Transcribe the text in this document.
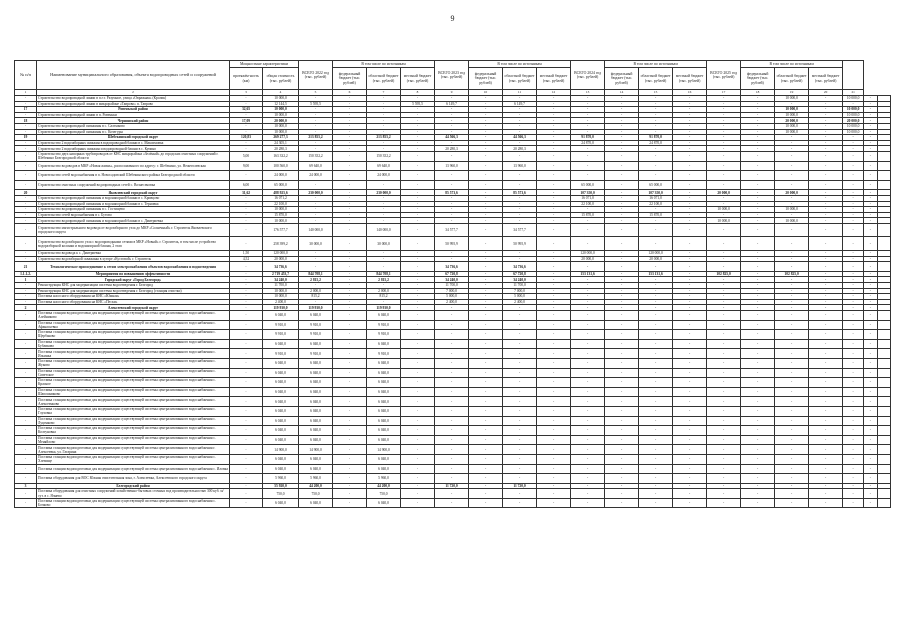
9
№ п/п	Наименование муниципального образования, объекта водопроводных сетей и сооружений	Мощностные характеристики		ВСЕГО 2022 год (тыс. рублей)	В том числе по источникам			ВСЕГО 2023 год (тыс. рублей)	В том числе по источникам			ВСЕГО 2024 год (тыс. рублей)	В том числе по источникам			ВСЕГО 2025 год (тыс. рублей)	В том числе по источникам					
		протяжён-ность (км)	общая стоимость (тыс. рублей)		федеральный бюджет (тыс. рублей)	областной бюджет (тыс. рублей)	местный бюджет (тыс. рублей)		федеральный бюджет (тыс. рублей)	областной бюджет (тыс. рублей)	местный бюджет (тыс. рублей)		федеральный бюджет (тыс. рублей)	областной бюджет (тыс. рублей)	местный бюджет (тыс. рублей)		федеральный бюджет (тыс. рублей)	областной бюджет (тыс. рублей)	местный бюджет (тыс. рублей)			
1	2	3	4	5	6	7	8	9	10	11	12	13	14	15	16	17	18	19	20	21		
-	Строительство водопроводной линии в п.г.т. Разумное, улица «Овражная» (Кролик)	-	10 000,0	-	-	-	-	-	-	-	-	-	-	-	-	-	-	10 000,0	-	10 000,0	-	
-	Строительство водопроводной линии в микрорайоне «Таврово» п. Таврово	-	12 144,5	5 595,5	-	-	5 595,5	6 149,7	-	6 149,7	-	-	-	-	-	-	-	-	-	-	-	
17	Ровеньской район	32,65	10 000,0	-	-	-	-	-	-	-	-	-	-	-	-	-	-	10 000,0	-	10 000,0	-	
-	Строительство водопроводной линии в п. Ровеньки	-	10 000,0	-	-	-	-	-	-	-	-	-	-	-	-	-	-	10 000,0	-	10 000,0	-	
18	Чернянский район	17,09	20 000,0	-	-	-	-	-	-	-	-	-	-	-	-	-	-	20 000,0	-	20 000,0	-	
-	Строительство водопроводной скважины в с. Салтыково	-	10 000,0	-	-	-	-	-	-	-	-	-	-	-	-	-	-	10 000,0	-	10 000,0	-	
-	Строительство водопроводной скважины в с. Кочегуры	-	10 000,0	-	-	-	-	-	-	-	-	-	-	-	-	-	-	10 000,0	-	10 000,0	-	
19	Шебекинский городской округ	120,83	269 277,3	213 855,2	-	213 855,2	-	44 566,3	-	44 566,3	-	91 870,0	-	91 870,0	-	-	-	-	-	-	-	
-	Строительство 2 водозаборных скважин в водопроводной башни в с. Максимовка	-	24 305,1	-	-	-	-	-	-	-	-	24 870,0	-	24 870,0	-	-	-	-	-	-	-	
-	Строительство 2 водозаборных скважин и водопроводной башни в с. Купино	-	20 280,3	-	-	-	-	20 280,3	-	20 280,3	-	-	-	-	-	-	-	-	-	-	-	
-	Строительство двух напорных трубопроводов от КНС микрорайона «Зелёный» до городских очистных сооружений г. Шебекино Белгородской области	5,00	163 332,2	150 352,2	-	150 352,2	-	-	-	-	-	-	-	-	-	-	-	-	-	-	-	
-	Строительство водоводов в МКР «Новая жизнь», расположенного по адресу: г. Шебекино, ул. Нежеголевская	9,00	100 560,0	69 640,0	-	69 640,0	-	13 960,0	-	13 960,0	-	-	-	-	-	-	-	-	-	-	-	
-	Строительство сетей водоснабжения в п. Новосадовский Шебекинского района Белгородской области	-	24 000,0	24 000,0	-	24 000,0	-	-	-	-	-	-	-	-	-	-	-	-	-	-	-	
-	Строительство очистных сооружений водопроводных сетей с. Вознесеновка	6,00	65 000,0	-	-	-	-	-	-	-	-	65 000,0	-	65 000,0	-	-	-	-	-	-	-	
20	Яковлевский городской округ	31,62	488 925,6	230 000,0	-	230 000,0	-	85 573,6	-	85 573,6	-	107 350,0	-	107 350,0	-	20 000,0	-	20 000,0	-	-	-	
-	Строительство водопроводной скважины и водонапорной башни в с. Кривцово	-	16 071,2	-	-	-	-	-	-	-	-	16 071,0	-	16 071,0	-	-	-	-	-	-	-	
-	Строительство водопроводной скважины и водонапорной башни в с. Терновка	-	22 100,0	-	-	-	-	-	-	-	-	22 100,0	-	22 100,0	-	-	-	-	-	-	-	
-	Строительство водопроводной скважины в с. Гостищево	-	10 000,0	-	-	-	-	-	-	-	-	-	-	-	-	10 000,0	-	10 000,0	-	-	-	
-	Строительство сетей водоснабжения в с. Бутово	-	15 870,0	-	-	-	-	-	-	-	-	15 870,0	-	15 870,0	-	-	-	-	-	-	-	
-	Строительство водопроводной скважины и водонапорной башни в с. Дмитриевка	-	10 000,0	-	-	-	-	-	-	-	-	-	-	-	-	10 000,0	-	10 000,0	-	-	-	
-	Строительство магистрального водовода от водозаборного узла до МКР «Солнечный» г. Строитель Яковлевского городского округа	-	176 577,7	140 000,0	-	140 000,0	-	34 577,7	-	34 577,7	-	-	-	-	-	-	-	-	-	-	-	
-	Строительство водозаборного узла с водопроводными сетями в МКР «Новый» г. Строитель, в том числе устройство водоразборной колонки и водонапорной башни, 2 этап	-	258 399,2	30 000,0	-	30 000,0	-	50 995,9	-	50 995,9	-	-	-	-	-	-	-	-	-	-	-	
-	Строительство водовода к с. Дмитриевка	1,50	120 000,0	-	-	-	-	-	-	-	-	120 000,0	-	120 000,0	-	-	-	-	-	-	-	
-	Строительство водозаборной скважины в хуторе «Кустовой» г. Строитель	4,52	20 000,0	-	-	-	-	-	-	-	-	20 000,0	-	20 000,0	-	-	-	-	-	-	-	
21	Технологическое присоединение к сетям электроснабжения объектов водоснабжения и водоотведения	-	34 736,6	-	-	-	-	34 736,6	-	34 736,6	-	-	-	-	-	-	-	-	-	-	-	
1.1.1.2.	Мероприятия по повышению эффективности	-	2 719 453,7	844 708,1	-	844 708,1	-	67 720,8	-	67 720,8	-	153 131,6	-	153 131,6	-	102 825,0	-	102 825,0	-	-	-	
1	Городской округ «Город Белгород»	-	34 240,0	2 815,2	-	2 815,2	-	34 240,0	-	34 240,0	-	-	-	-	-	-	-	-	-	-	-	
-	Реконструкция КНС для модернизации системы водоотведения г. Белгород	-	11 700,0	-	-	-	-	11 700,0	-	11 700,0	-	-	-	-	-	-	-	-	-	-	-	
-	Реконструкция КНС для модернизации системы водоотведения г. Белгород (станция очистки)	-	10 000,0	2 000,0	-	2 000,0	-	7 000,0	-	7 000,0	-	-	-	-	-	-	-	-	-	-	-	
-	Поставка насосного оборудования на КНС «Южная»	-	10 000,0	815,2	-	815,2	-	5 000,0	-	5 000,0	-	-	-	-	-	-	-	-	-	-	-	
-	Поставка насосного оборудования на КНС «Пески»	-	2 400,0	-	-	-	-	2 400,0	-	2 400,0	-	-	-	-	-	-	-	-	-	-	-	
2	Алексеевский городской округ	-	119 930,0	119 930,0	-	119 930,0	-	-	-	-	-	-	-	-	-	-	-	-	-	-	-	
-	Поставка станции водоподготовки для модернизации существующей системы централизованного водоснабжения с. Алейниково	-	6 040,0	6 040,0	-	6 040,0	-	-	-	-	-	-	-	-	-	-	-	-	-	-	-	
-	Поставка станции водоподготовки для модернизации существующей системы централизованного водоснабжения с. Афанасьевка	-	9 910,0	9 910,0	-	9 910,0	-	-	-	-	-	-	-	-	-	-	-	-	-	-	-	
-	Поставка станции водоподготовки для модернизации существующей системы централизованного водоснабжения с. Щербаково	-	9 910,0	9 910,0	-	9 910,0	-	-	-	-	-	-	-	-	-	-	-	-	-	-	-	
-	Поставка станции водоподготовки для модернизации существующей системы централизованного водоснабжения с. Бубликово	-	6 040,0	6 040,0	-	6 040,0	-	-	-	-	-	-	-	-	-	-	-	-	-	-	-	
-	Поставка станции водоподготовки для модернизации существующей системы централизованного водоснабжения с. Ильинка	-	9 910,0	9 910,0	-	9 910,0	-	-	-	-	-	-	-	-	-	-	-	-	-	-	-	
-	Поставка станции водоподготовки для модернизации существующей системы централизованного водоснабжения с. Жуково	-	6 040,0	6 040,0	-	6 040,0	-	-	-	-	-	-	-	-	-	-	-	-	-	-	-	
-	Поставка станции водоподготовки для модернизации существующей системы централизованного водоснабжения с. Советское	-	6 040,0	6 040,0	-	6 040,0	-	-	-	-	-	-	-	-	-	-	-	-	-	-	-	
-	Поставка станции водоподготовки для модернизации существующей системы централизованного водоснабжения с. Красное	-	6 040,0	6 040,0	-	6 040,0	-	-	-	-	-	-	-	-	-	-	-	-	-	-	-	
-	Поставка станции водоподготовки для модернизации существующей системы централизованного водоснабжения с. Шапошниково	-	6 040,0	6 040,0	-	6 040,0	-	-	-	-	-	-	-	-	-	-	-	-	-	-	-	
-	Поставка станции водоподготовки для модернизации существующей системы централизованного водоснабжения с. Алексеенково	-	6 040,0	6 040,0	-	6 040,0	-	-	-	-	-	-	-	-	-	-	-	-	-	-	-	
-	Поставка станции водоподготовки для модернизации существующей системы централизованного водоснабжения с. Глуховка	-	6 040,0	6 040,0	-	6 040,0	-	-	-	-	-	-	-	-	-	-	-	-	-	-	-	
-	Поставка станции водоподготовки для модернизации существующей системы централизованного водоснабжения с. Луценково	-	6 040,0	6 040,0	-	6 040,0	-	-	-	-	-	-	-	-	-	-	-	-	-	-	-	
-	Поставка станции водоподготовки для модернизации существующей системы централизованного водоснабжения с. Колтуновка	-	6 040,0	6 040,0	-	6 040,0	-	-	-	-	-	-	-	-	-	-	-	-	-	-	-	
-	Поставка станции водоподготовки для модернизации существующей системы централизованного водоснабжения с. Меняйлово	-	6 040,0	6 040,0	-	6 040,0	-	-	-	-	-	-	-	-	-	-	-	-	-	-	-	
-	Поставка станции водоподготовки для модернизации существующей системы централизованного водоснабжения г. Алексеевка, ул. Гагарина	-	14 900,0	14 900,0	-	14 900,0	-	-	-	-	-	-	-	-	-	-	-	-	-	-	-	
-	Поставка станции водоподготовки для модернизации существующей системы централизованного водоснабжения с. Хлевище	-	6 040,0	6 040,0	-	6 040,0	-	-	-	-	-	-	-	-	-	-	-	-	-	-	-	
-	Поставка станции водоподготовки для модернизации существующей системы централизованного водоснабжения с. Иловка	-	6 040,0	6 040,0	-	6 040,0	-	-	-	-	-	-	-	-	-	-	-	-	-	-	-	
-	Поставка оборудования для ВОС Южная очистительная зона, г. Алексеевка, Алексеевского городского округа	-	5 960,0	5 960,0	-	5 960,0	-	-	-	-	-	-	-	-	-	-	-	-	-	-	-	
3	Белгородский район	-	55 920,0	44 200,0	-	44 200,0	-	11 720,0	-	11 720,0	-	-	-	-	-	-	-	-	-	-	-	
-	Поставка оборудования для очистных сооружений хозяйственно-бытовых сточных вод производительностью 300 куб. м/сут. в с. Ячнево	-	750,0	750,0	-	750,0	-	-	-	-	-	-	-	-	-	-	-	-	-	-	-	
-	Поставка станции водоподготовки для модернизации существующей системы централизованного водоснабжения с. Бочково	-	6 040,0	6 040,0	-	6 040,0	-	-	-	-	-	-	-	-	-	-	-	-	-	-	-	
